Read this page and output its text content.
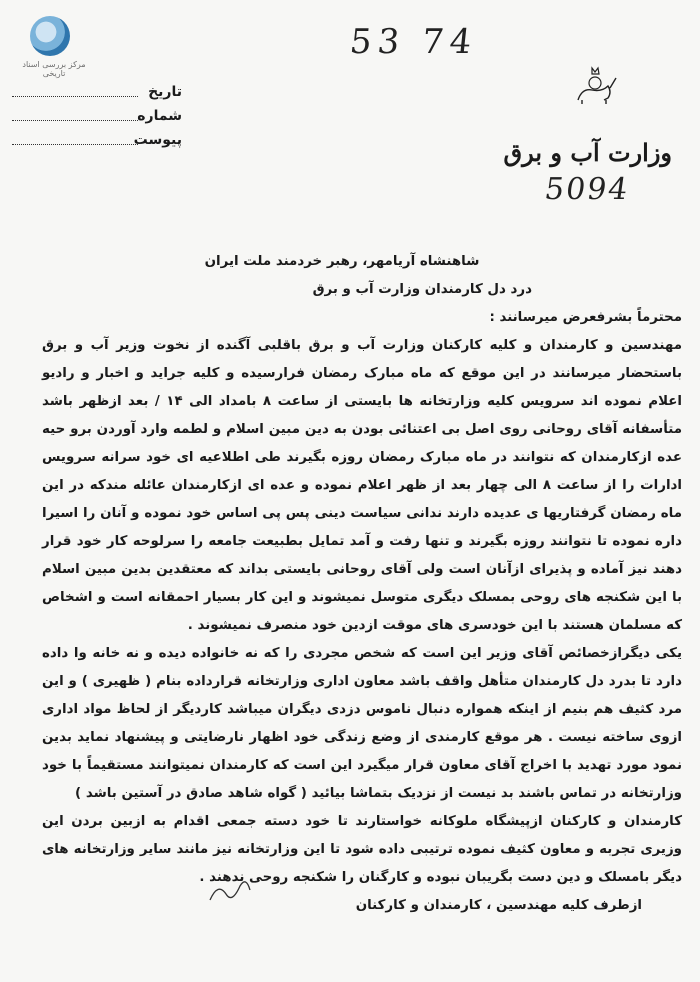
مرکز بررسی اسناد تاریخی
53 74
تاریخ
شماره
پیوست	وزارت آب و برق
5094

شاهنشاه آریامهر، رهبر خردمند ملت ایران

درد دل کارمندان وزارت آب و برق

محترماً بشرفعرض میرسانند :

مهندسین و کارمندان و کلیه کارکنان وزارت آب و برق باقلبی آگنده از نخوت وزیر آب و برق باستحضار میرسانند در این موقع که ماه مبارک رمضان فرارسیده و کلیه جراید و اخبار و رادیو اعلام نموده اند سرویس کلیه وزارتخانه ها بایستی از ساعت ۸ بامداد الی ۱۴ / بعد ازظهر باشد متأسفانه آقای روحانی روی اصل بی اعتنائی بودن به دین مبین اسلام و لطمه وارد آوردن برو حیه عده ازکارمندان که نتوانند در ماه مبارک رمضان روزه بگیرند طی اطلاعیه ای خود سرانه سرویس ادارات را از ساعت ۸ الی چهار بعد از ظهر اعلام نموده و عده ای ازکارمندان عائله مندکه در این ماه رمضان گرفتاریها ی عدیده دارند ندانی سیاست دینی پس پی اساس خود نموده و آنان را اسیرا داره نموده تا نتوانند روزه بگیرند و تنها رفت و آمد تمایل بطبیعت جامعه را سرلوحه کار خود قرار دهند نیز آماده و پذیرای ازآنان است ولی آقای روحانی بایستی بداند که معتقدین بدین مبین اسلام با این شکنجه های روحی بمسلک دیگری متوسل نمیشوند و این کار بسیار احمقانه است و اشخاص که مسلمان هستند با این خودسری های موقت ازدین خود منصرف نمیشوند .

یکی دیگرازخصائص آقای وزیر این است که شخص مجردی را که نه خانواده دیده و نه خانه وا داده دارد تا بدرد دل کارمندان متأهل واقف باشد معاون اداری وزارتخانه قرارداده بنام ( ظهیری ) و این مرد کثیف هم بنیم از اینکه همواره دنبال ناموس دزدی دیگران میباشد کاردیگر از لحاظ مواد اداری ازوی ساخته نیست . هر موقع کارمندی از وضع زندگی خود اظهار نارضایتی و پیشنهاد نماید بدین نمود مورد تهدید با اخراج آقای معاون قرار میگیرد این است که کارمندان نمیتوانند مستقیماً با خود وزارتخانه در تماس باشند بد نیست از نزدیک بتماشا بیائید ( گواه شاهد صادق در آستین باشد )

کارمندان و کارکنان ازپیشگاه ملوکانه خواستارند تا خود دسته جمعی اقدام به ازبین بردن این وزیری تجربه و معاون کثیف نموده ترتیبی داده شود تا این وزارتخانه نیز مانند سایر وزارتخانه های دیگر بامسلک و دین دست بگریبان نبوده و کارگنان را شکنجه روحی ندهند .

ازطرف کلیه مهندسین ، کارمندان و کارکنان
